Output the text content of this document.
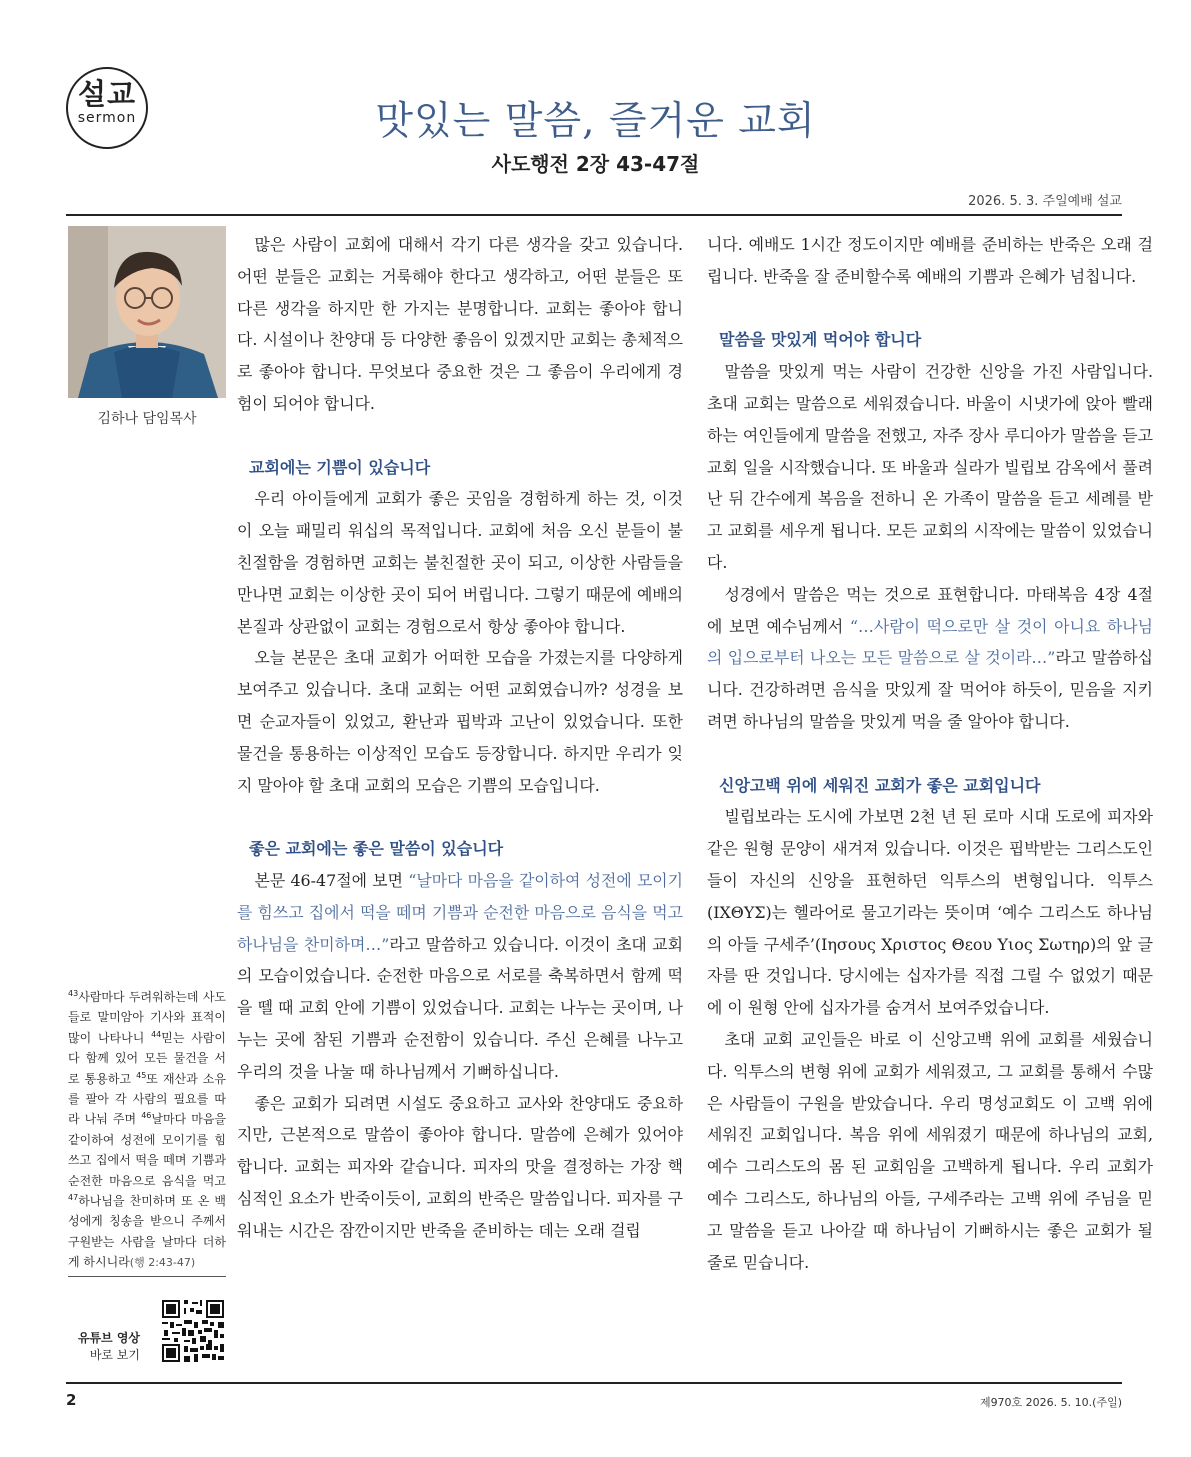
설교
sermon	맛있는 말씀, 즐거운 교회
사도행전 2장 43-47절
2026. 5. 3. 주일예배 설교
김하나 담임목사

많은 사람이 교회에 대해서 각기 다른 생각을 갖고 있습니다. 어떤 분들은 교회는 거룩해야 한다고 생각하고, 어떤 분들은 또 다른 생각을 하지만 한 가지는 분명합니다. 교회는 좋아야 합니다. 시설이나 찬양대 등 다양한 좋음이 있겠지만 교회는 총체적으로 좋아야 합니다. 무엇보다 중요한 것은 그 좋음이 우리에게 경험이 되어야 합니다.

교회에는 기쁨이 있습니다

우리 아이들에게 교회가 좋은 곳임을 경험하게 하는 것, 이것이 오늘 패밀리 워십의 목적입니다. 교회에 처음 오신 분들이 불친절함을 경험하면 교회는 불친절한 곳이 되고, 이상한 사람들을 만나면 교회는 이상한 곳이 되어 버립니다. 그렇기 때문에 예배의 본질과 상관없이 교회는 경험으로서 항상 좋아야 합니다.

오늘 본문은 초대 교회가 어떠한 모습을 가졌는지를 다양하게 보여주고 있습니다. 초대 교회는 어떤 교회였습니까? 성경을 보면 순교자들이 있었고, 환난과 핍박과 고난이 있었습니다. 또한 물건을 통용하는 이상적인 모습도 등장합니다. 하지만 우리가 잊지 말아야 할 초대 교회의 모습은 기쁨의 모습입니다.

좋은 교회에는 좋은 말씀이 있습니다

본문 46-47절에 보면 “날마다 마음을 같이하여 성전에 모이기를 힘쓰고 집에서 떡을 떼며 기쁨과 순전한 마음으로 음식을 먹고 하나님을 찬미하며…”라고 말씀하고 있습니다. 이것이 초대 교회의 모습이었습니다. 순전한 마음으로 서로를 축복하면서 함께 떡을 뗄 때 교회 안에 기쁨이 있었습니다. 교회는 나누는 곳이며, 나누는 곳에 참된 기쁨과 순전함이 있습니다. 주신 은혜를 나누고 우리의 것을 나눌 때 하나님께서 기뻐하십니다.

좋은 교회가 되려면 시설도 중요하고 교사와 찬양대도 중요하지만, 근본적으로 말씀이 좋아야 합니다. 말씀에 은혜가 있어야 합니다. 교회는 피자와 같습니다. 피자의 맛을 결정하는 가장 핵심적인 요소가 반죽이듯이, 교회의 반죽은 말씀입니다. 피자를 구워내는 시간은 잠깐이지만 반죽을 준비하는 데는 오래 걸립

니다. 예배도 1시간 정도이지만 예배를 준비하는 반죽은 오래 걸립니다. 반죽을 잘 준비할수록 예배의 기쁨과 은혜가 넘칩니다.

말씀을 맛있게 먹어야 합니다

말씀을 맛있게 먹는 사람이 건강한 신앙을 가진 사람입니다. 초대 교회는 말씀으로 세워졌습니다. 바울이 시냇가에 앉아 빨래하는 여인들에게 말씀을 전했고, 자주 장사 루디아가 말씀을 듣고 교회 일을 시작했습니다. 또 바울과 실라가 빌립보 감옥에서 풀려난 뒤 간수에게 복음을 전하니 온 가족이 말씀을 듣고 세례를 받고 교회를 세우게 됩니다. 모든 교회의 시작에는 말씀이 있었습니다.

성경에서 말씀은 먹는 것으로 표현합니다. 마태복음 4장 4절에 보면 예수님께서 “…사람이 떡으로만 살 것이 아니요 하나님의 입으로부터 나오는 모든 말씀으로 살 것이라…”라고 말씀하십니다. 건강하려면 음식을 맛있게 잘 먹어야 하듯이, 믿음을 지키려면 하나님의 말씀을 맛있게 먹을 줄 알아야 합니다.

신앙고백 위에 세워진 교회가 좋은 교회입니다

빌립보라는 도시에 가보면 2천 년 된 로마 시대 도로에 피자와 같은 원형 문양이 새겨져 있습니다. 이것은 핍박받는 그리스도인들이 자신의 신앙을 표현하던 익투스의 변형입니다. 익투스(ΙΧΘΥΣ)는 헬라어로 물고기라는 뜻이며 ‘예수 그리스도 하나님의 아들 구세주’(Ιησους Χριστος Θεου Υιος Σωτηρ)의 앞 글자를 딴 것입니다. 당시에는 십자가를 직접 그릴 수 없었기 때문에 이 원형 안에 십자가를 숨겨서 보여주었습니다.

초대 교회 교인들은 바로 이 신앙고백 위에 교회를 세웠습니다. 익투스의 변형 위에 교회가 세워졌고, 그 교회를 통해서 수많은 사람들이 구원을 받았습니다. 우리 명성교회도 이 고백 위에 세워진 교회입니다. 복음 위에 세워졌기 때문에 하나님의 교회, 예수 그리스도의 몸 된 교회임을 고백하게 됩니다. 우리 교회가 예수 그리스도, 하나님의 아들, 구세주라는 고백 위에 주님을 믿고 말씀을 듣고 나아갈 때 하나님이 기뻐하시는 좋은 교회가 될 줄로 믿습니다.

$^{43}$사람마다 두려워하는데 사도들로 말미암아 기사와 표적이 많이 나타나니 $^{44}$믿는 사람이 다 함께 있어 모든 물건을 서로 통용하고 $^{45}$또 재산과 소유를 팔아 각 사람의 필요를 따라 나눠 주며 $^{46}$날마다 마음을 같이하여 성전에 모이기를 힘쓰고 집에서 떡을 떼며 기쁨과 순전한 마음으로 음식을 먹고 $^{47}$하나님을 찬미하며 또 온 백성에게 칭송을 받으니 주께서 구원받는 사람을 날마다 더하게 하시니라(행 2:43-47)
유튜브 영상
바로 보기
2	제970호 2026. 5. 10.(주일)
